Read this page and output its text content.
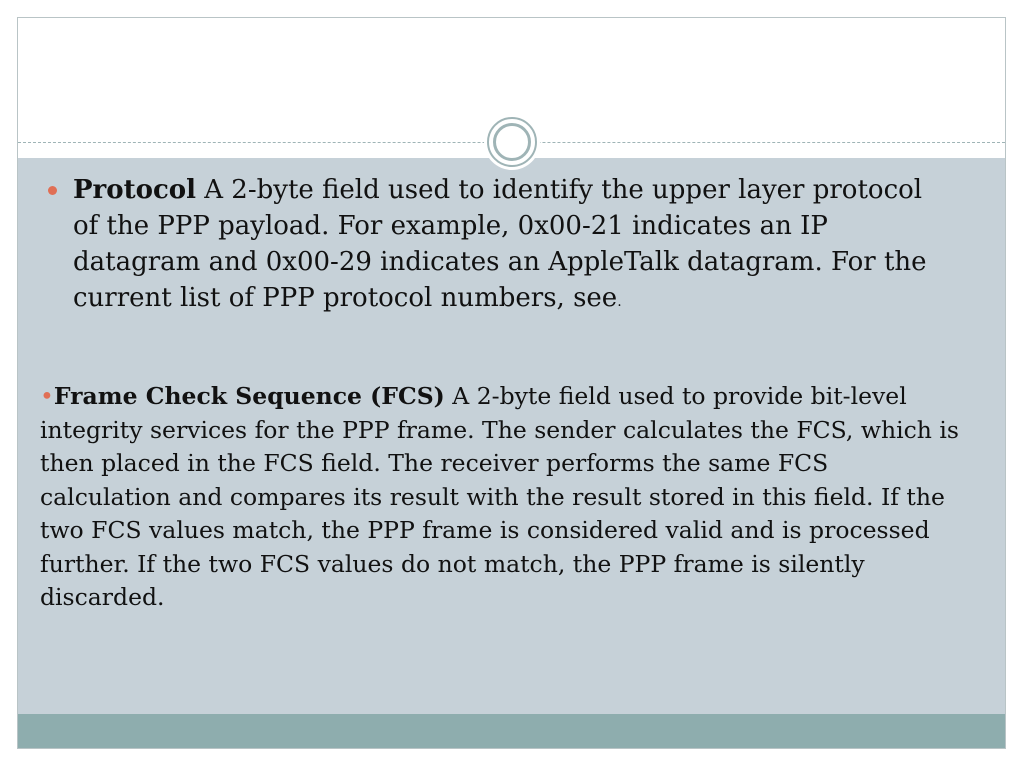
Protocol A 2-byte field used to identify the upper layer protocol of the PPP payload. For example, 0x00-21 indicates an IP datagram and 0x00-29 indicates an AppleTalk datagram. For the current list of PPP protocol numbers, see.
•Frame Check Sequence (FCS) A 2-byte field used to provide bit-level integrity services for the PPP frame. The sender calculates the FCS, which is then placed in the FCS field. The receiver performs the same FCS calculation and compares its result with the result stored in this field. If the two FCS values match, the PPP frame is considered valid and is processed further. If the two FCS values do not match, the PPP frame is silently discarded.
